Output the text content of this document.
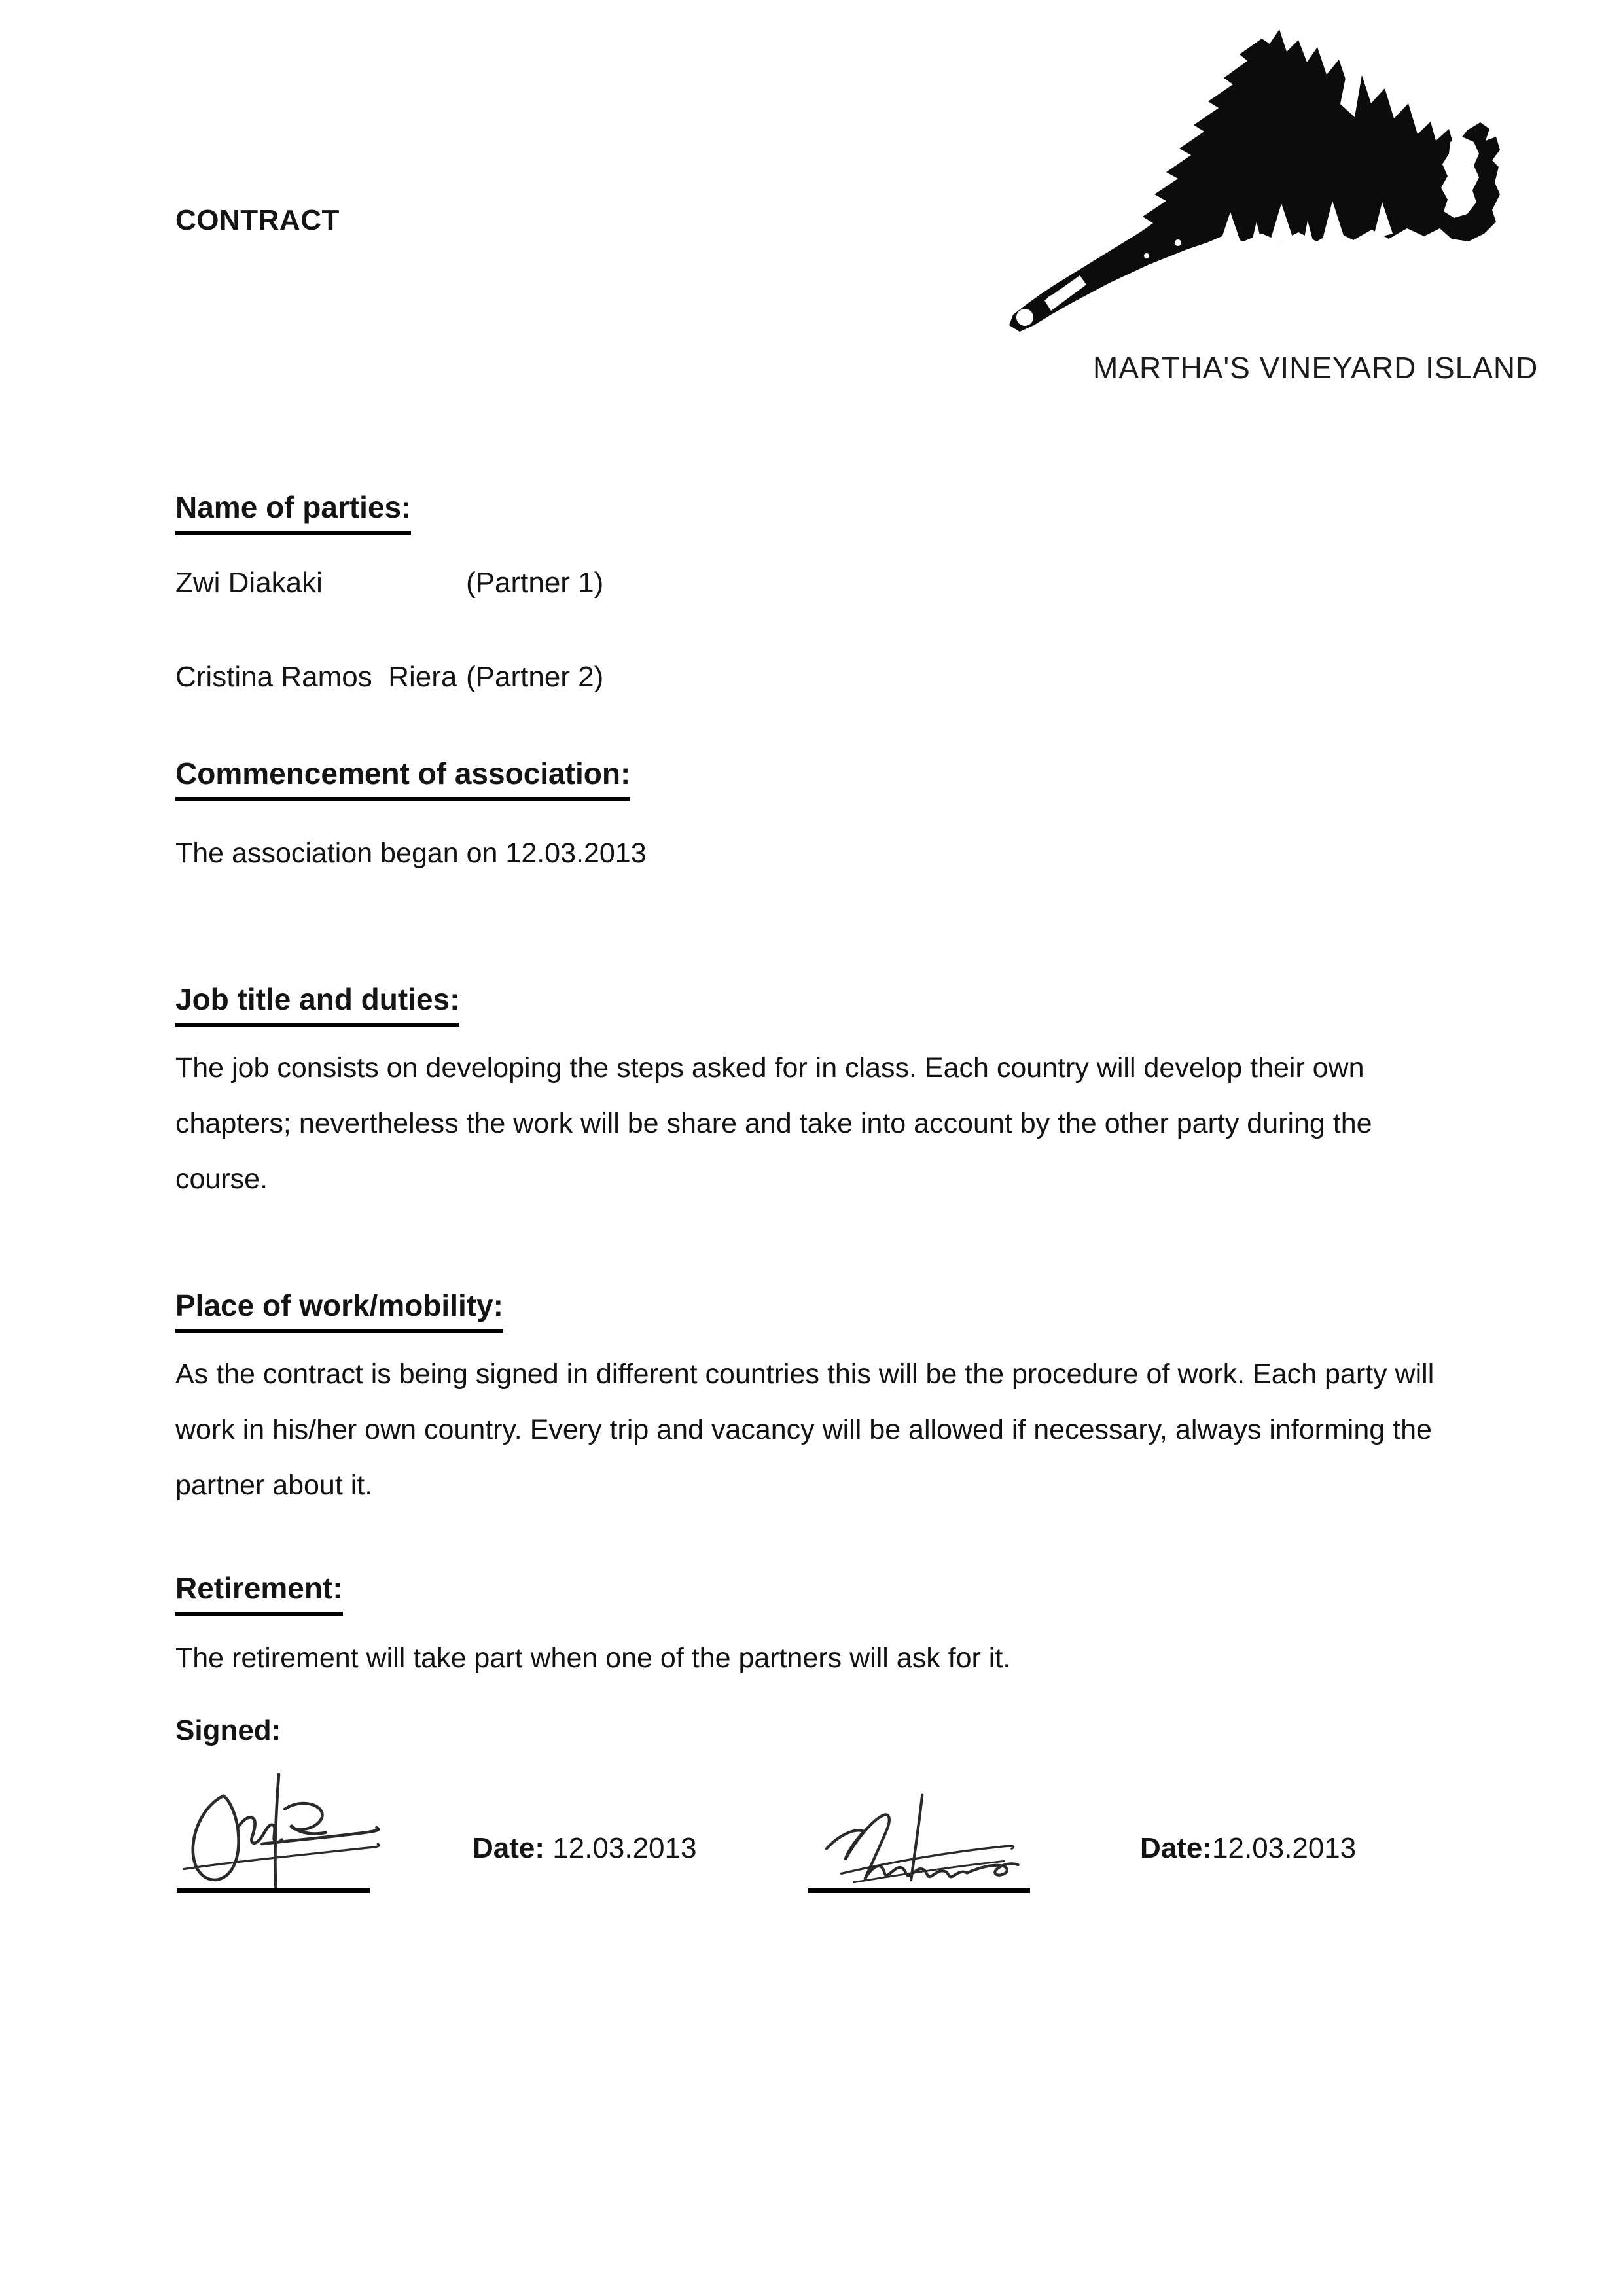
CONTRACT
MARTHA'S VINEYARD ISLAND
Name of parties:
Zwi Diakaki	(Partner 1)
Cristina Ramos  Riera (Partner 2)
Commencement of association:
The association began on 12.03.2013
Job title and duties:
The job consists on developing the steps asked for in class. Each country will develop their own
chapters; nevertheless the work will be share and take into account by the other party during the
course.
Place of work/mobility:
As the contract is being signed in different countries this will be the procedure of work. Each party will
work in his/her own country. Every trip and vacancy will be allowed if necessary, always informing the
partner about it.
Retirement:
The retirement will take part when one of the partners will ask for it.
Signed:
Date: 12.03.2013	Date:12.03.2013
